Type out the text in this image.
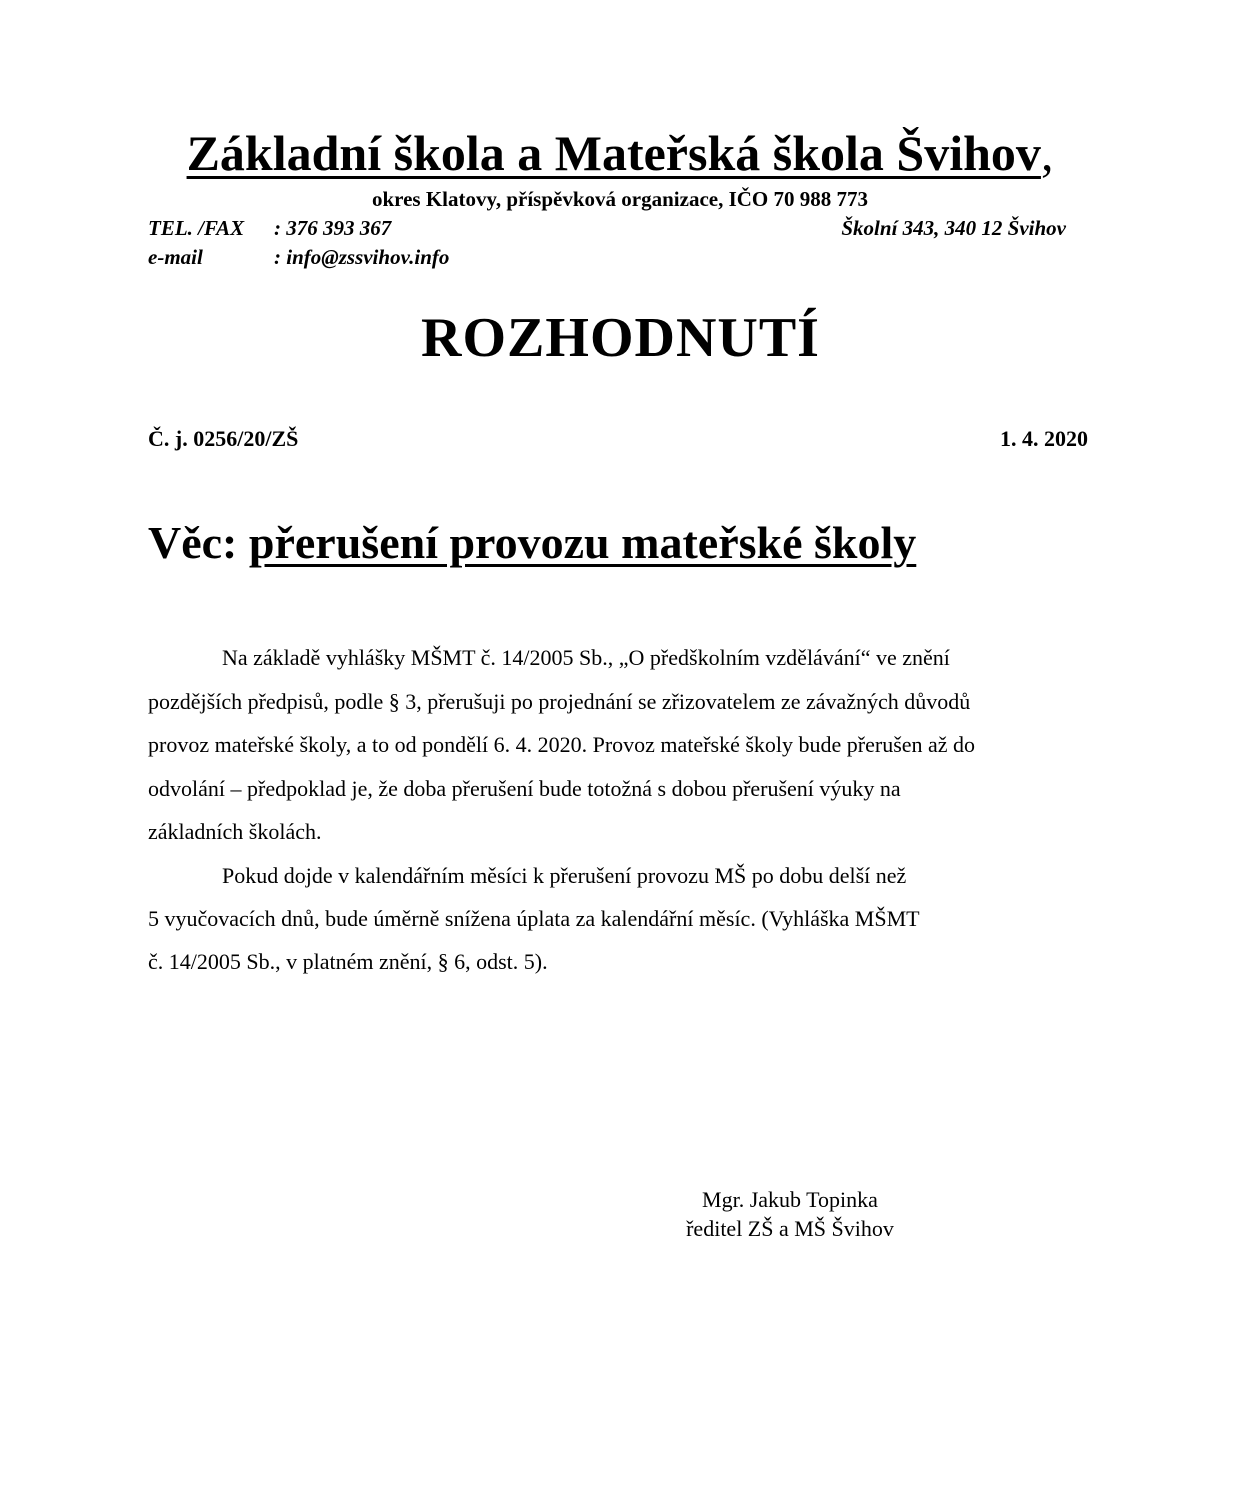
Základní škola a Mateřská škola Švihov,
okres Klatovy, příspěvková organizace, IČO 70 988 773
TEL. /FAX : 376 393 367	Školní 343, 340 12 Švihov
e-mail	: info@zssvihov.info
ROZHODNUTÍ
Č. j. 0256/20/ZŠ	1. 4. 2020
Věc: přerušení provozu mateřské školy
Na základě vyhlášky MŠMT č. 14/2005 Sb., „O předškolním vzdělávání“ ve znění
pozdějších předpisů, podle § 3, přerušuji po projednání se zřizovatelem ze závažných důvodů
provoz mateřské školy, a to od pondělí 6. 4. 2020. Provoz mateřské školy bude přerušen až do
odvolání – předpoklad je, že doba přerušení bude totožná s dobou přerušení výuky na
základních školách.
Pokud dojde v kalendářním měsíci k přerušení provozu MŠ po dobu delší než
5 vyučovacích dnů, bude úměrně snížena úplata za kalendářní měsíc. (Vyhláška MŠMT
č. 14/2005 Sb., v platném znění, § 6, odst. 5).
Mgr. Jakub Topinka
ředitel ZŠ a MŠ Švihov
